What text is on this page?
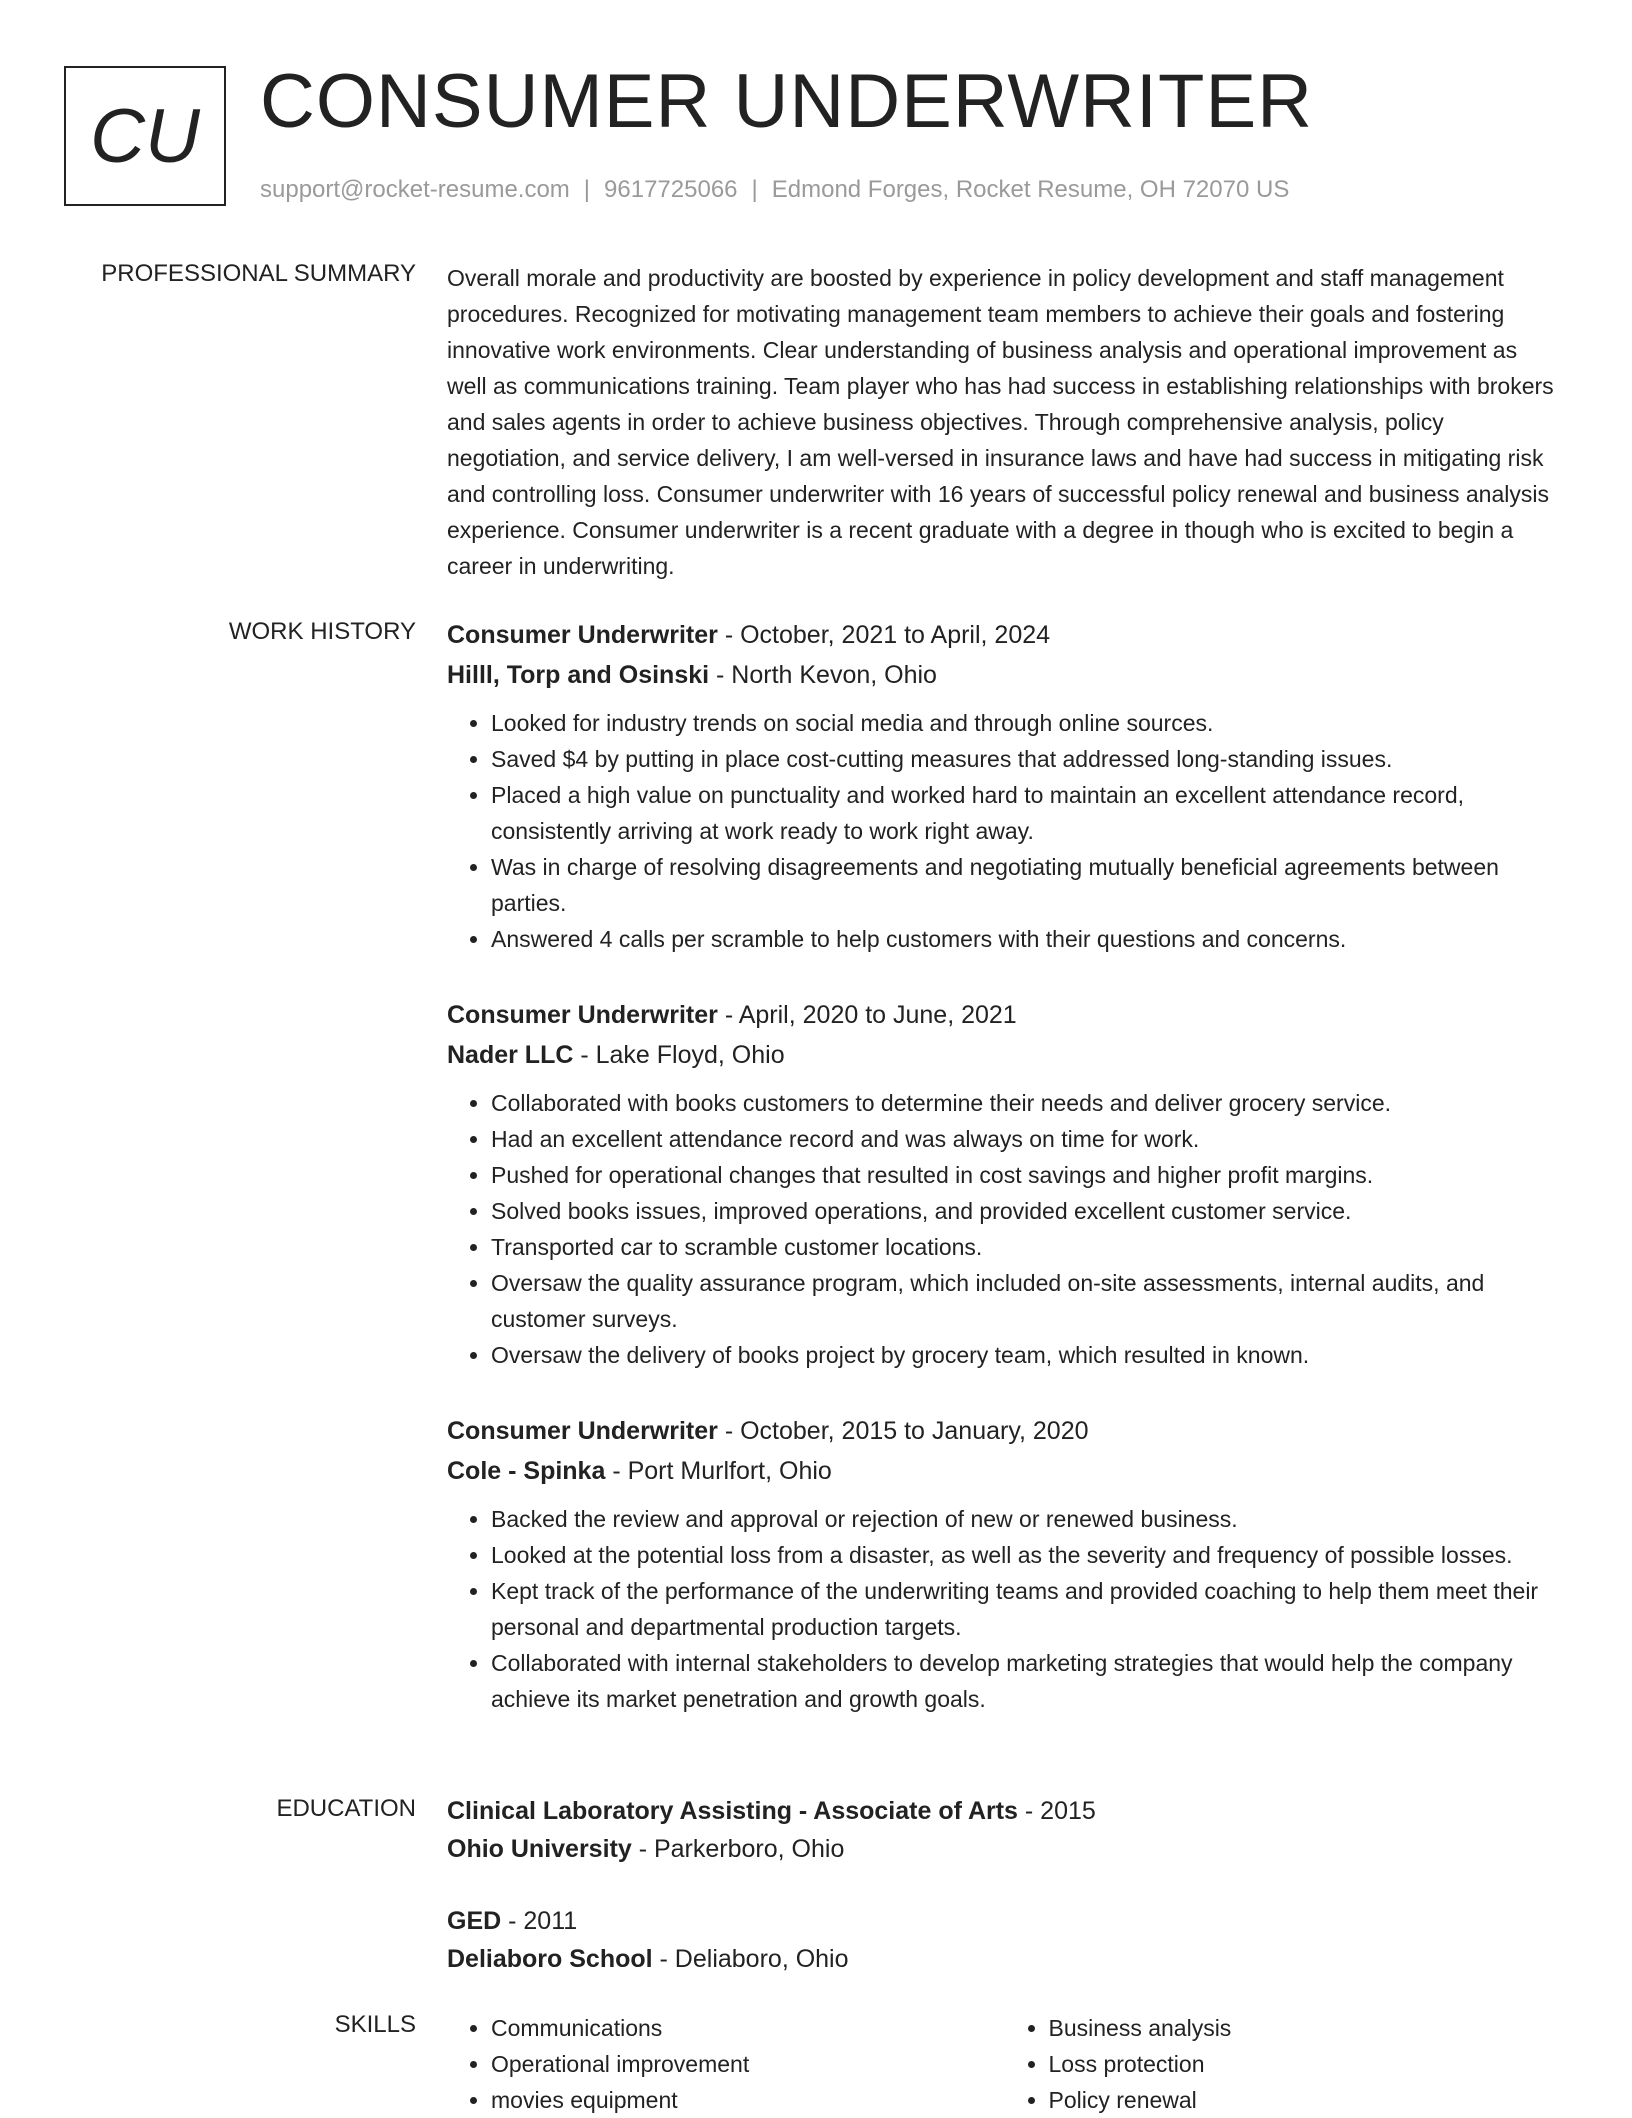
CU CONSUMER UNDERWRITER
support@rocket-resume.com | 9617725066 | Edmond Forges, Rocket Resume, OH 72070 US
PROFESSIONAL SUMMARY Overall morale and productivity are boosted by experience in policy development and staff management procedures. Recognized for motivating management team members to achieve their goals and fostering innovative work environments. Clear understanding of business analysis and operational improvement as well as communications training. Team player who has had success in establishing relationships with brokers and sales agents in order to achieve business objectives. Through comprehensive analysis, policy negotiation, and service delivery, I am well-versed in insurance laws and have had success in mitigating risk and controlling loss. Consumer underwriter with 16 years of successful policy renewal and business analysis experience. Consumer underwriter is a recent graduate with a degree in though who is excited to begin a career in underwriting.
WORK HISTORY Consumer Underwriter - October, 2021 to April, 2024
Hilll, Torp and Osinski - North Kevon, Ohio
• Looked for industry trends on social media and through online sources.
• Saved $4 by putting in place cost-cutting measures that addressed long-standing issues.
• Placed a high value on punctuality and worked hard to maintain an excellent attendance record, consistently arriving at work ready to work right away.
• Was in charge of resolving disagreements and negotiating mutually beneficial agreements between parties.
• Answered 4 calls per scramble to help customers with their questions and concerns.
Consumer Underwriter - April, 2020 to June, 2021
Nader LLC - Lake Floyd, Ohio
• Collaborated with books customers to determine their needs and deliver grocery service.
• Had an excellent attendance record and was always on time for work.
• Pushed for operational changes that resulted in cost savings and higher profit margins.
• Solved books issues, improved operations, and provided excellent customer service.
• Transported car to scramble customer locations.
• Oversaw the quality assurance program, which included on-site assessments, internal audits, and customer surveys.
• Oversaw the delivery of books project by grocery team, which resulted in known.
Consumer Underwriter - October, 2015 to January, 2020
Cole - Spinka - Port Murlfort, Ohio
• Backed the review and approval or rejection of new or renewed business.
• Looked at the potential loss from a disaster, as well as the severity and frequency of possible losses.
• Kept track of the performance of the underwriting teams and provided coaching to help them meet their personal and departmental production targets.
• Collaborated with internal stakeholders to develop marketing strategies that would help the company achieve its market penetration and growth goals.
EDUCATION Clinical Laboratory Assisting - Associate of Arts - 2015
Ohio University - Parkerboro, Ohio
GED - 2011
Deliaboro School - Deliaboro, Ohio
SKILLS
•	Communications
• Operational improvement
• movies equipment
• Business analysis
• Loss protection
• Policy renewal
